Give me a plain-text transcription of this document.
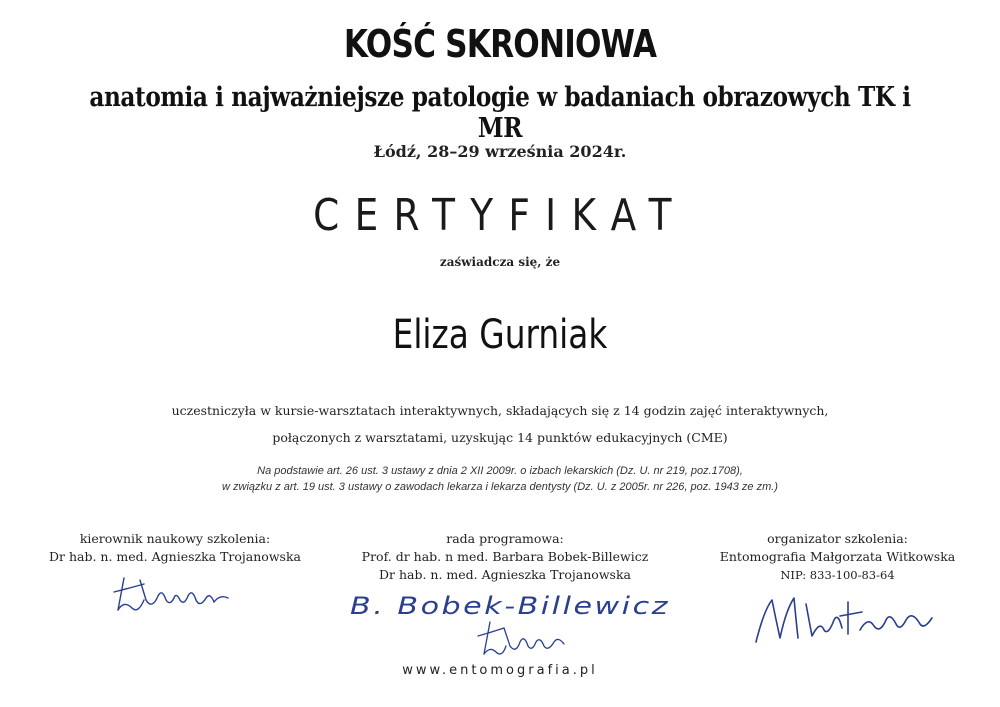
KOŚĆ SKRONIOWA
anatomia i najważniejsze patologie w badaniach obrazowych TK i MR
Łódź, 28–29 września 2024r.
CERTYFIKAT
zaświadcza się, że
Eliza Gurniak
uczestniczyła w kursie-warsztatach interaktywnych, składających się z 14 godzin zajęć interaktywnych,
połączonych z warsztatami, uzyskując 14 punktów edukacyjnych (CME)
Na podstawie art. 26 ust. 3 ustawy z dnia 2 XII 2009r. o izbach lekarskich (Dz. U. nr 219, poz.1708),
w związku z art. 19 ust. 3 ustawy o zawodach lekarza i lekarza dentysty (Dz. U. z 2005r. nr 226, poz. 1943 ze zm.)
kierownik naukowy szkolenia:
Dr hab. n. med. Agnieszka Trojanowska
rada programowa:
Prof. dr hab. n med. Barbara Bobek-Billewicz
Dr hab. n. med. Agnieszka Trojanowska
organizator szkolenia:
Entomografia Małgorzata Witkowska
NIP: 833-100-83-64
B. Bobek-Billewicz
www.entomografia.pl
